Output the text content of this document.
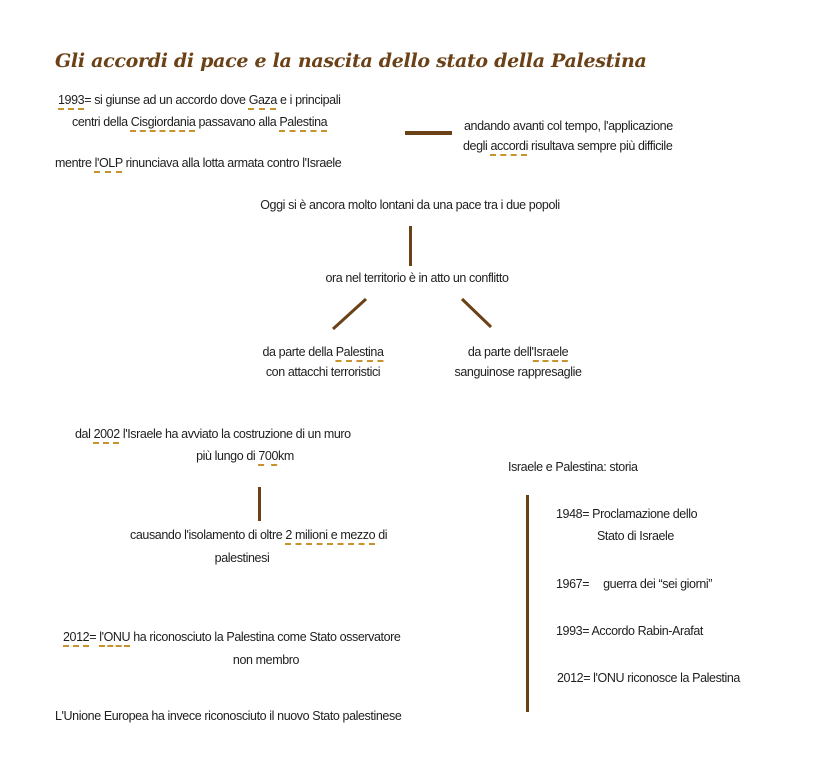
Gli accordi di pace e la nascita dello stato della Palestina
1993= si giunse ad un accordo dove Gaza e i principali
centri della Cisgiordania passavano alla Palestina
mentre l'OLP rinunciava alla lotta armata contro l'Israele
andando avanti col tempo, l'applicazione
degli accordi risultava sempre più difficile
Oggi si è ancora molto lontani da una pace tra i due popoli
ora nel territorio è in atto un conflitto
da parte della Palestina
con attacchi terroristici
da parte dell'Israele
sanguinose rappresaglie
dal 2002 l'Israele ha avviato la costruzione di un muro
più lungo di 700km
causando l'isolamento di oltre 2 milioni e mezzo di
palestinesi
2012= l'ONU ha riconosciuto la Palestina come Stato osservatore
non membro
L'Unione Europea ha invece riconosciuto il nuovo Stato palestinese
Israele e Palestina: storia
1948= Proclamazione dello
Stato di Israele
1967= guerra dei “sei giorni”
1993= Accordo Rabin-Arafat
2012= l'ONU riconosce la Palestina
